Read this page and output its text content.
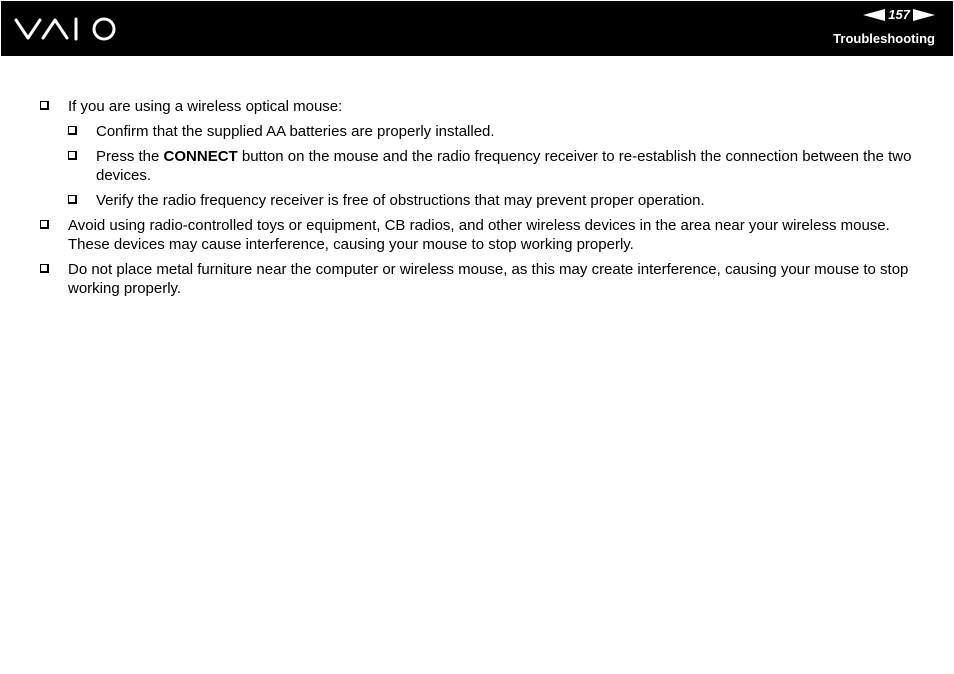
157
Troubleshooting
If you are using a wireless optical mouse:
Confirm that the supplied AA batteries are properly installed.
Press the CONNECT button on the mouse and the radio frequency receiver to re-establish the connection between the two devices.
Verify the radio frequency receiver is free of obstructions that may prevent proper operation.
Avoid using radio-controlled toys or equipment, CB radios, and other wireless devices in the area near your wireless mouse. These devices may cause interference, causing your mouse to stop working properly.
Do not place metal furniture near the computer or wireless mouse, as this may create interference, causing your mouse to stop working properly.
